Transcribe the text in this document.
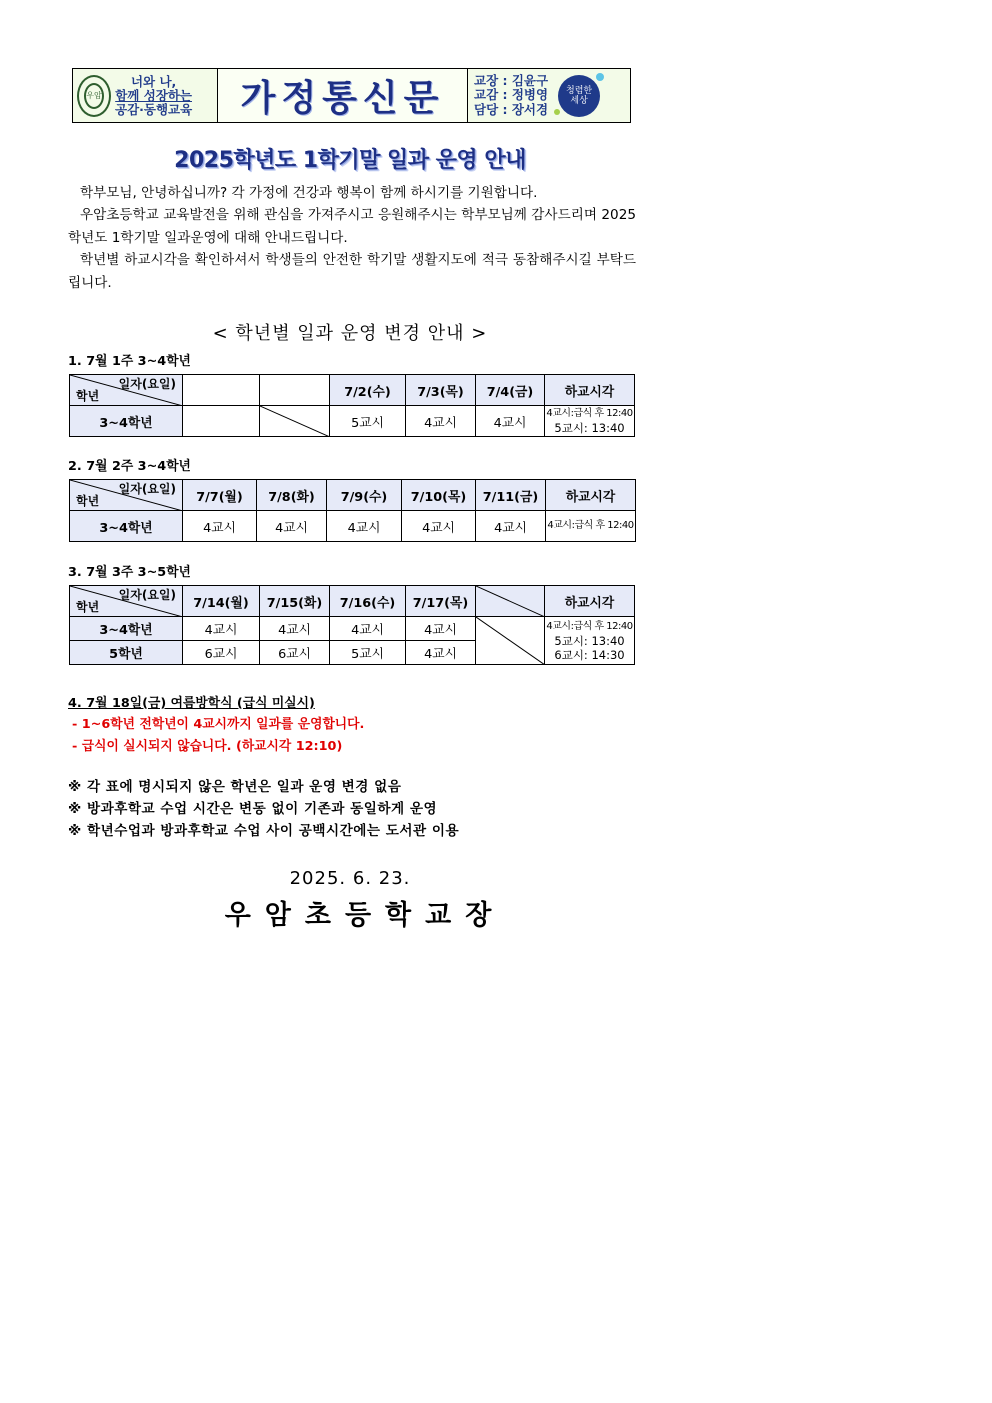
우암
너와 나,
함께 성장하는
공감·동행교육 가정통신문 교장 : 김윤구
교감 : 정병영
담당 : 장서경
청렴한 세상
2025학년도 1학기말 일과 운영 안내
학부모님, 안녕하십니까? 각 가정에 건강과 행복이 함께 하시기를 기원합니다.
우암초등학교 교육발전을 위해 관심을 가져주시고 응원해주시는 학부모님께 감사드리며 2025학년도 1학기말 일과운영에 대해 안내드립니다.
학년별 하교시각을 확인하셔서 학생들의 안전한 학기말 생활지도에 적극 동참해주시길 부탁드립니다.
< 학년별 일과 운영 변경 안내 >
1. 7월 1주 3~4학년
일자(요일)
학년			7/2(수)	7/3(목)	7/4(금)	하교시각
3~4학년			5교시	4교시	4교시	4교시:급식 후 12:40
5교시: 13:40
2. 7월 2주 3~4학년
일자(요일)
학년	7/7(월)	7/8(화)	7/9(수)	7/10(목)	7/11(금)	하교시각
3~4학년	4교시	4교시	4교시	4교시	4교시	4교시:급식 후 12:40
3. 7월 3주 3~5학년
일자(요일)
학년	7/14(월)	7/15(화)	7/16(수)	7/17(목)		하교시각
3~4학년	4교시	4교시	4교시	4교시		4교시:급식 후 12:40
5교시: 13:40
6교시: 14:30

5학년	6교시	6교시	5교시	4교시		
4. 7월 18일(금) 여름방학식 (급식 미실시)
- 1~6학년 전학년이 4교시까지 일과를 운영합니다.
- 급식이 실시되지 않습니다. (하교시각 12:10)
※ 각 표에 명시되지 않은 학년은 일과 운영 변경 없음
※ 방과후학교 수업 시간은 변동 없이 기존과 동일하게 운영
※ 학년수업과 방과후학교 수업 사이 공백시간에는 도서관 이용
2025. 6. 23.
우암초등학교장
